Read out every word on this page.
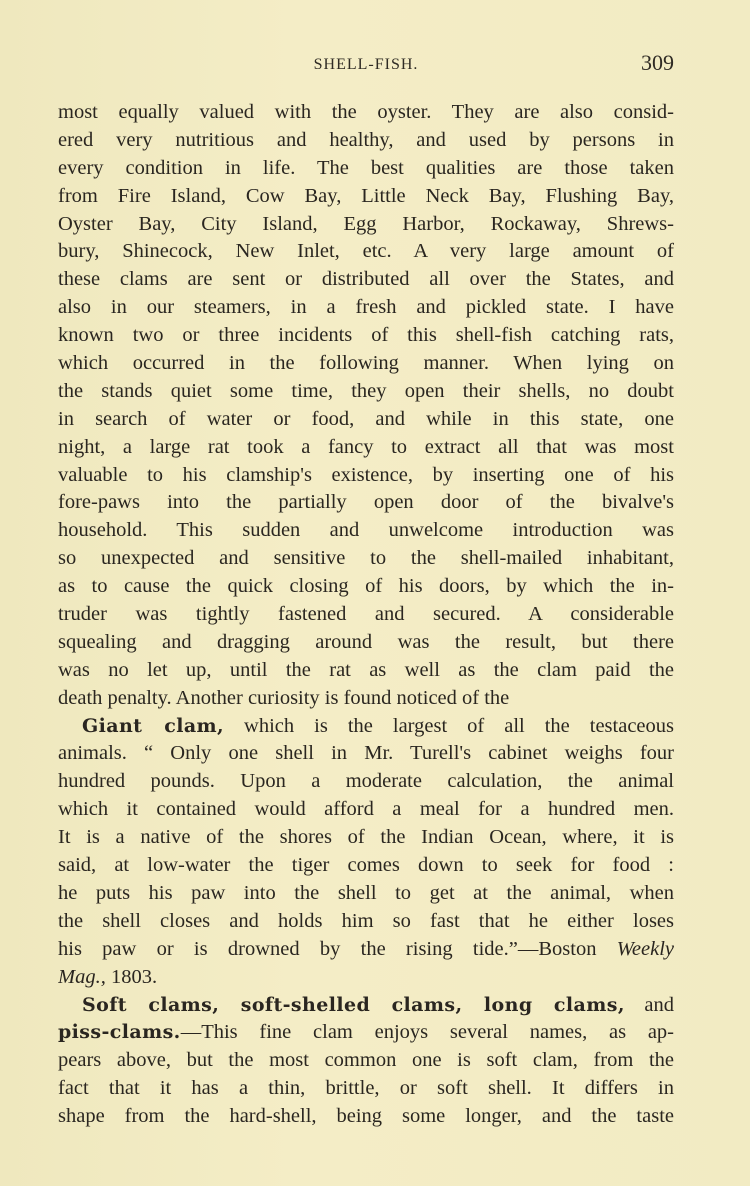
SHELL-FISH.	309
most equally valued with the oyster. They are also consid-
ered very nutritious and healthy, and used by persons in
every condition in life. The best qualities are those taken
from Fire Island, Cow Bay, Little Neck Bay, Flushing Bay,
Oyster Bay, City Island, Egg Harbor, Rockaway, Shrews-
bury, Shinecock, New Inlet, etc. A very large amount of
these clams are sent or distributed all over the States, and
also in our steamers, in a fresh and pickled state. I have
known two or three incidents of this shell-fish catching rats,
which occurred in the following manner. When lying on
the stands quiet some time, they open their shells, no doubt
in search of water or food, and while in this state, one
night, a large rat took a fancy to extract all that was most
valuable to his clamship's existence, by inserting one of his
fore-paws into the partially open door of the bivalve's
household. This sudden and unwelcome introduction was
so unexpected and sensitive to the shell-mailed inhabitant,
as to cause the quick closing of his doors, by which the in-
truder was tightly fastened and secured. A considerable
squealing and dragging around was the result, but there
was no let up, until the rat as well as the clam paid the
death penalty. Another curiosity is found noticed of the
Giant clam, which is the largest of all the testaceous
animals. “ Only one shell in Mr. Turell's cabinet weighs four
hundred pounds. Upon a moderate calculation, the animal
which it contained would afford a meal for a hundred men.
It is a native of the shores of the Indian Ocean, where, it is
said, at low-water the tiger comes down to seek for food :
he puts his paw into the shell to get at the animal, when
the shell closes and holds him so fast that he either loses
his paw or is drowned by the rising tide.”—Boston Weekly
Mag., 1803.
Soft clams, soft-shelled clams, long clams, and
piss-clams.—This fine clam enjoys several names, as ap-
pears above, but the most common one is soft clam, from the
fact that it has a thin, brittle, or soft shell. It differs in
shape from the hard-shell, being some longer, and the taste
